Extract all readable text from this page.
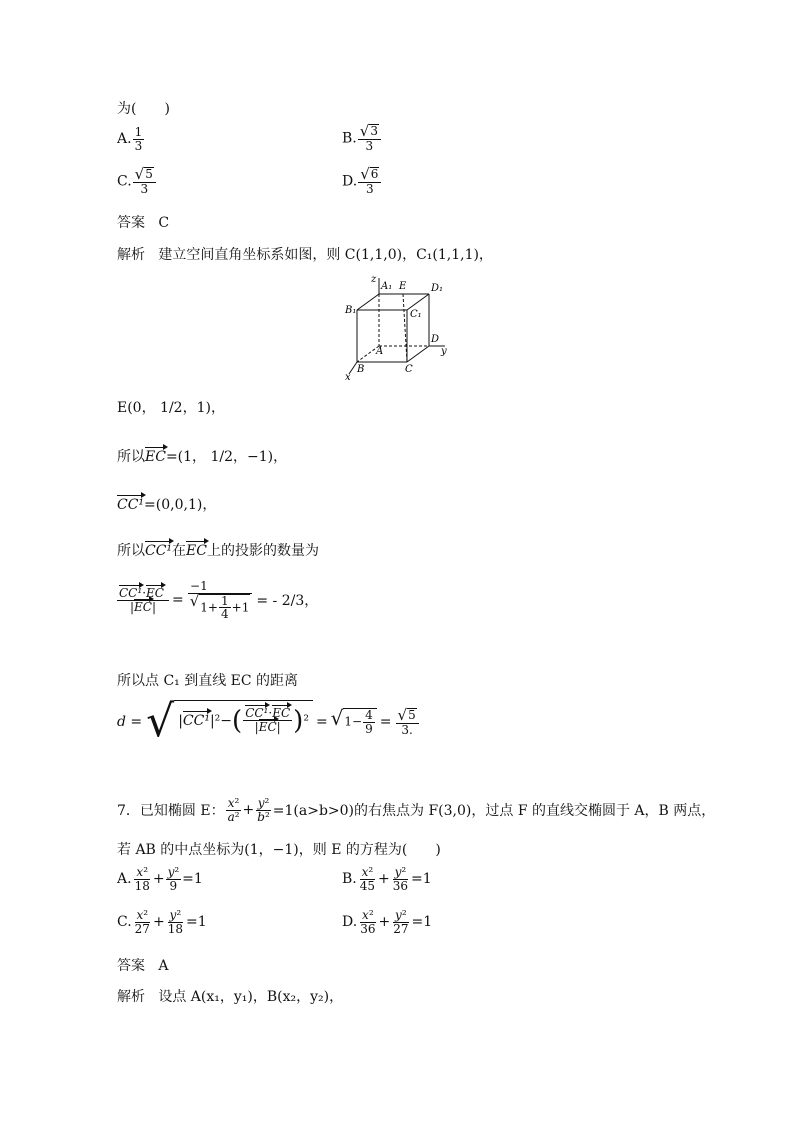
为(　　)
A. $\frac{1}{3}$	B. $\frac{√ 3}{3}$
C. $\frac{√ 5}{3}$	D. $\frac{√ 6}{3}$
答案 C
解析 建立空间直角坐标系如图，则 C(1,1,0)，C₁(1,1,1)，
z
A₁ E D₁
B₁	C₁
A
D
y
x
B	C
E(0， 1/2，1)，
所以EC=(1， 1/2，−1)，
CC¹=(0,0,1)，
所以CC¹在EC上的投影的数量为
$\frac{\text{CC¹·EC}}{|EC|} = \frac{-1}{√ 1+ \frac{1}{4} +1}$ = - 2/3，
所以点 C₁ 到直线 EC 的距离
d = √ |CC¹|²− ( $\frac{\text{CC¹·EC}}{|EC|}$ ) ² = √ $1- \frac{4}{9} = \frac{√ 5}{3.}$
7．已知椭圆 E： $\frac{\text{x²}}{\text{a²}} + \frac{\text{y²}}{\text{b²}} =1(a>b>0)$的右焦点为 F(3,0)，过点 F 的直线交椭圆于 A，B 两点，
若 AB 的中点坐标为(1，−1)，则 E 的方程为(　　)
A. $\frac{\text{x²}}{18} + \frac{\text{y²}}{9} =1$	B. $\frac{\text{x²}}{45} + \frac{\text{y²}}{36} =1$
C. $\frac{\text{x²}}{27} + \frac{\text{y²}}{18} =1$	D. $\frac{\text{x²}}{36} + \frac{\text{y²}}{27} =1$
答案 A
解析 设点 A(x₁，y₁)，B(x₂，y₂)，
